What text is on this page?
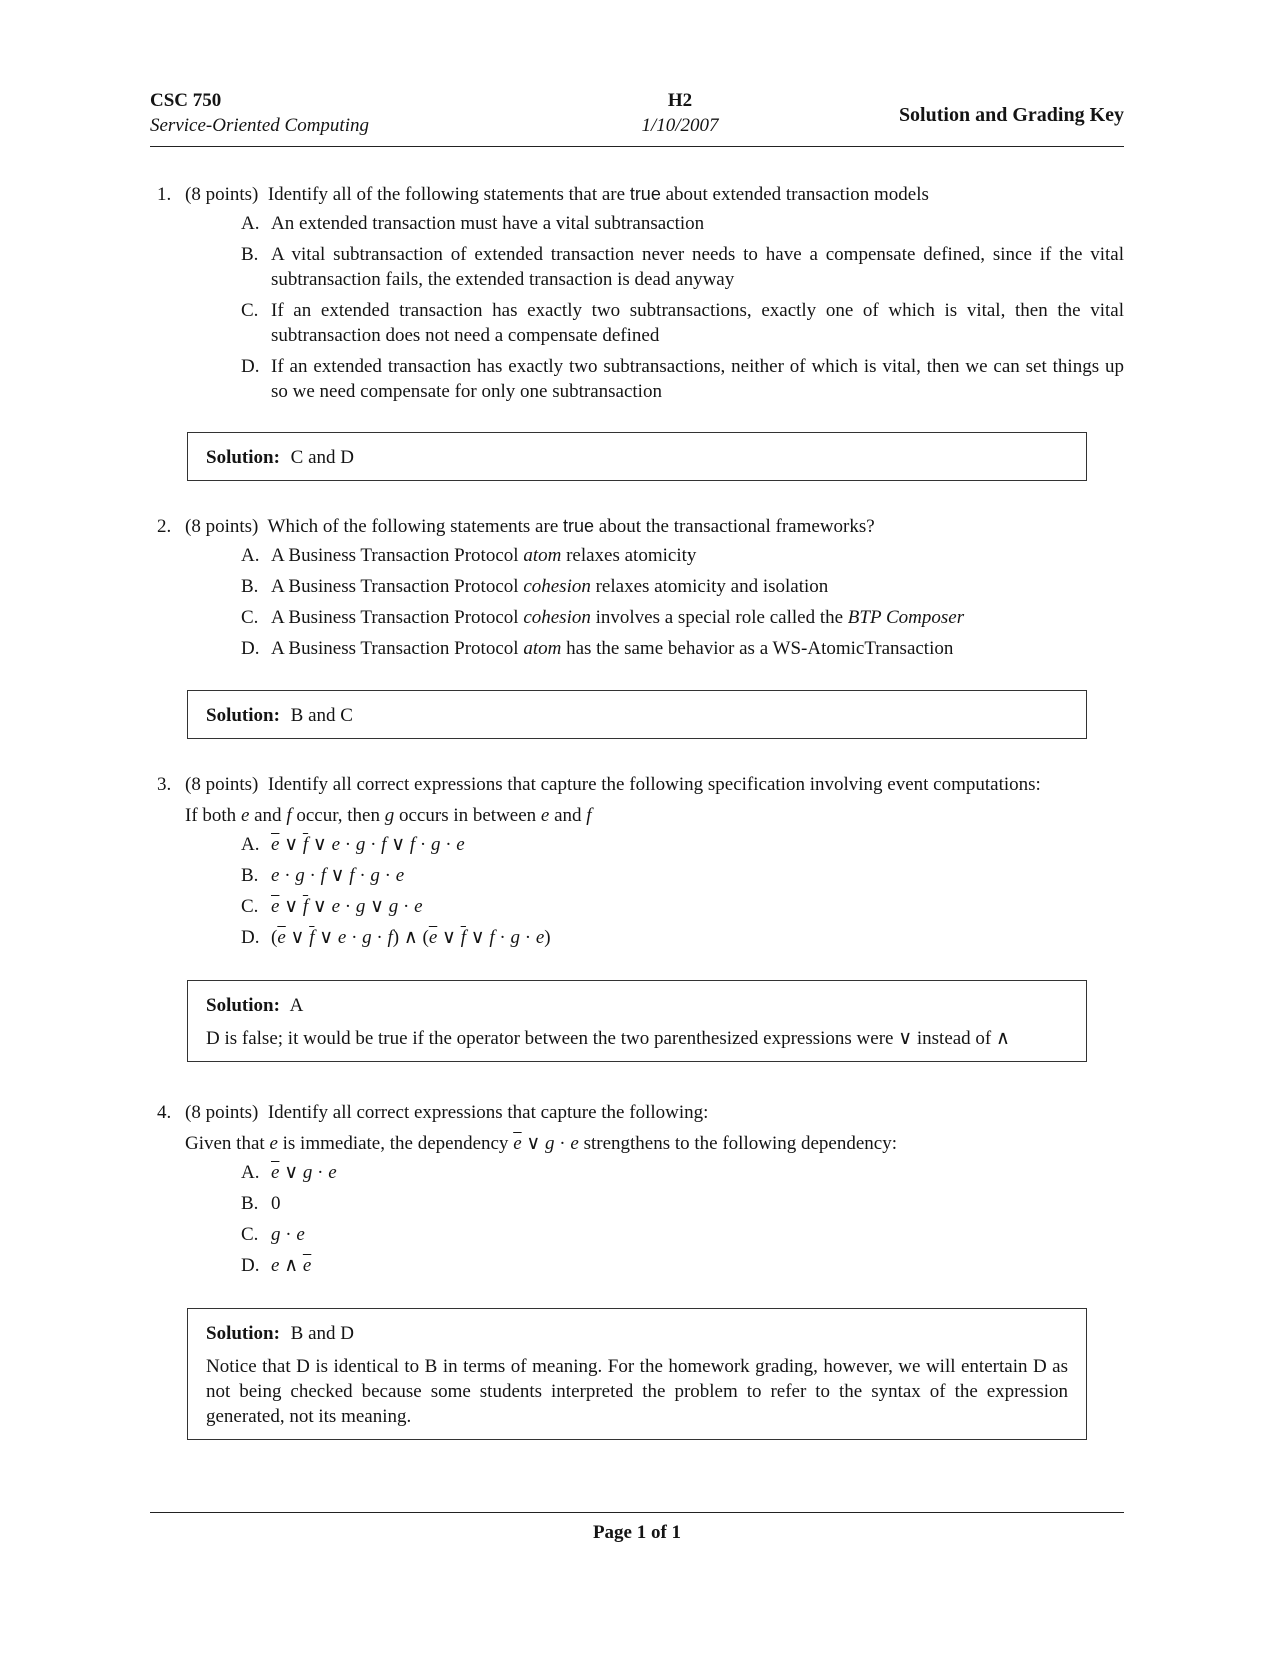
CSC 750
Service-Oriented Computing
H2
1/10/2007	Solution and Grading Key
1. (8 points) Identify all of the following statements that are true about extended transaction models
A. An extended transaction must have a vital subtransaction
B. A vital subtransaction of extended transaction never needs to have a compensate defined, since if the vital subtransaction fails, the extended transaction is dead anyway
C. If an extended transaction has exactly two subtransactions, exactly one of which is vital, then the vital subtransaction does not need a compensate defined
D. If an extended transaction has exactly two subtransactions, neither of which is vital, then we can set things up so we need compensate for only one subtransaction
Solution: C and D
2. (8 points) Which of the following statements are true about the transactional frameworks?
A. A Business Transaction Protocol atom relaxes atomicity
B. A Business Transaction Protocol cohesion relaxes atomicity and isolation
C. A Business Transaction Protocol cohesion involves a special role called the BTP Composer
D. A Business Transaction Protocol atom has the same behavior as a WS-AtomicTransaction
Solution: B and C
3. (8 points) Identify all correct expressions that capture the following specification involving event computations:
If both e and f occur, then g occurs in between e and f
A. $\overline{e}$ ∨ $\overline{f}$ ∨ e · g · f ∨ f · g · e
B. e · g · f ∨ f · g · e
C. $\overline{e}$ ∨ $\overline{f}$ ∨ e · g ∨ g · e
D. ($\overline{e}$ ∨ $\overline{f}$ ∨ e · g · f) ∧ ($\overline{e}$ ∨ $\overline{f}$ ∨ f · g · e)
Solution: A

D is false; it would be true if the operator between the two parenthesized expressions were ∨ instead of ∧

4. (8 points) Identify all correct expressions that capture the following:
Given that e is immediate, the dependency $\overline{e}$ ∨ g · e strengthens to the following dependency:
A. $\overline{e}$ ∨ g · e
B. 0
C. g · e
D. e ∧ $\overline{e}$
Solution: B and D

Notice that D is identical to B in terms of meaning. For the homework grading, however, we will entertain D as not being checked because some students interpreted the problem to refer to the syntax of the expression generated, not its meaning.

Page 1 of 1
